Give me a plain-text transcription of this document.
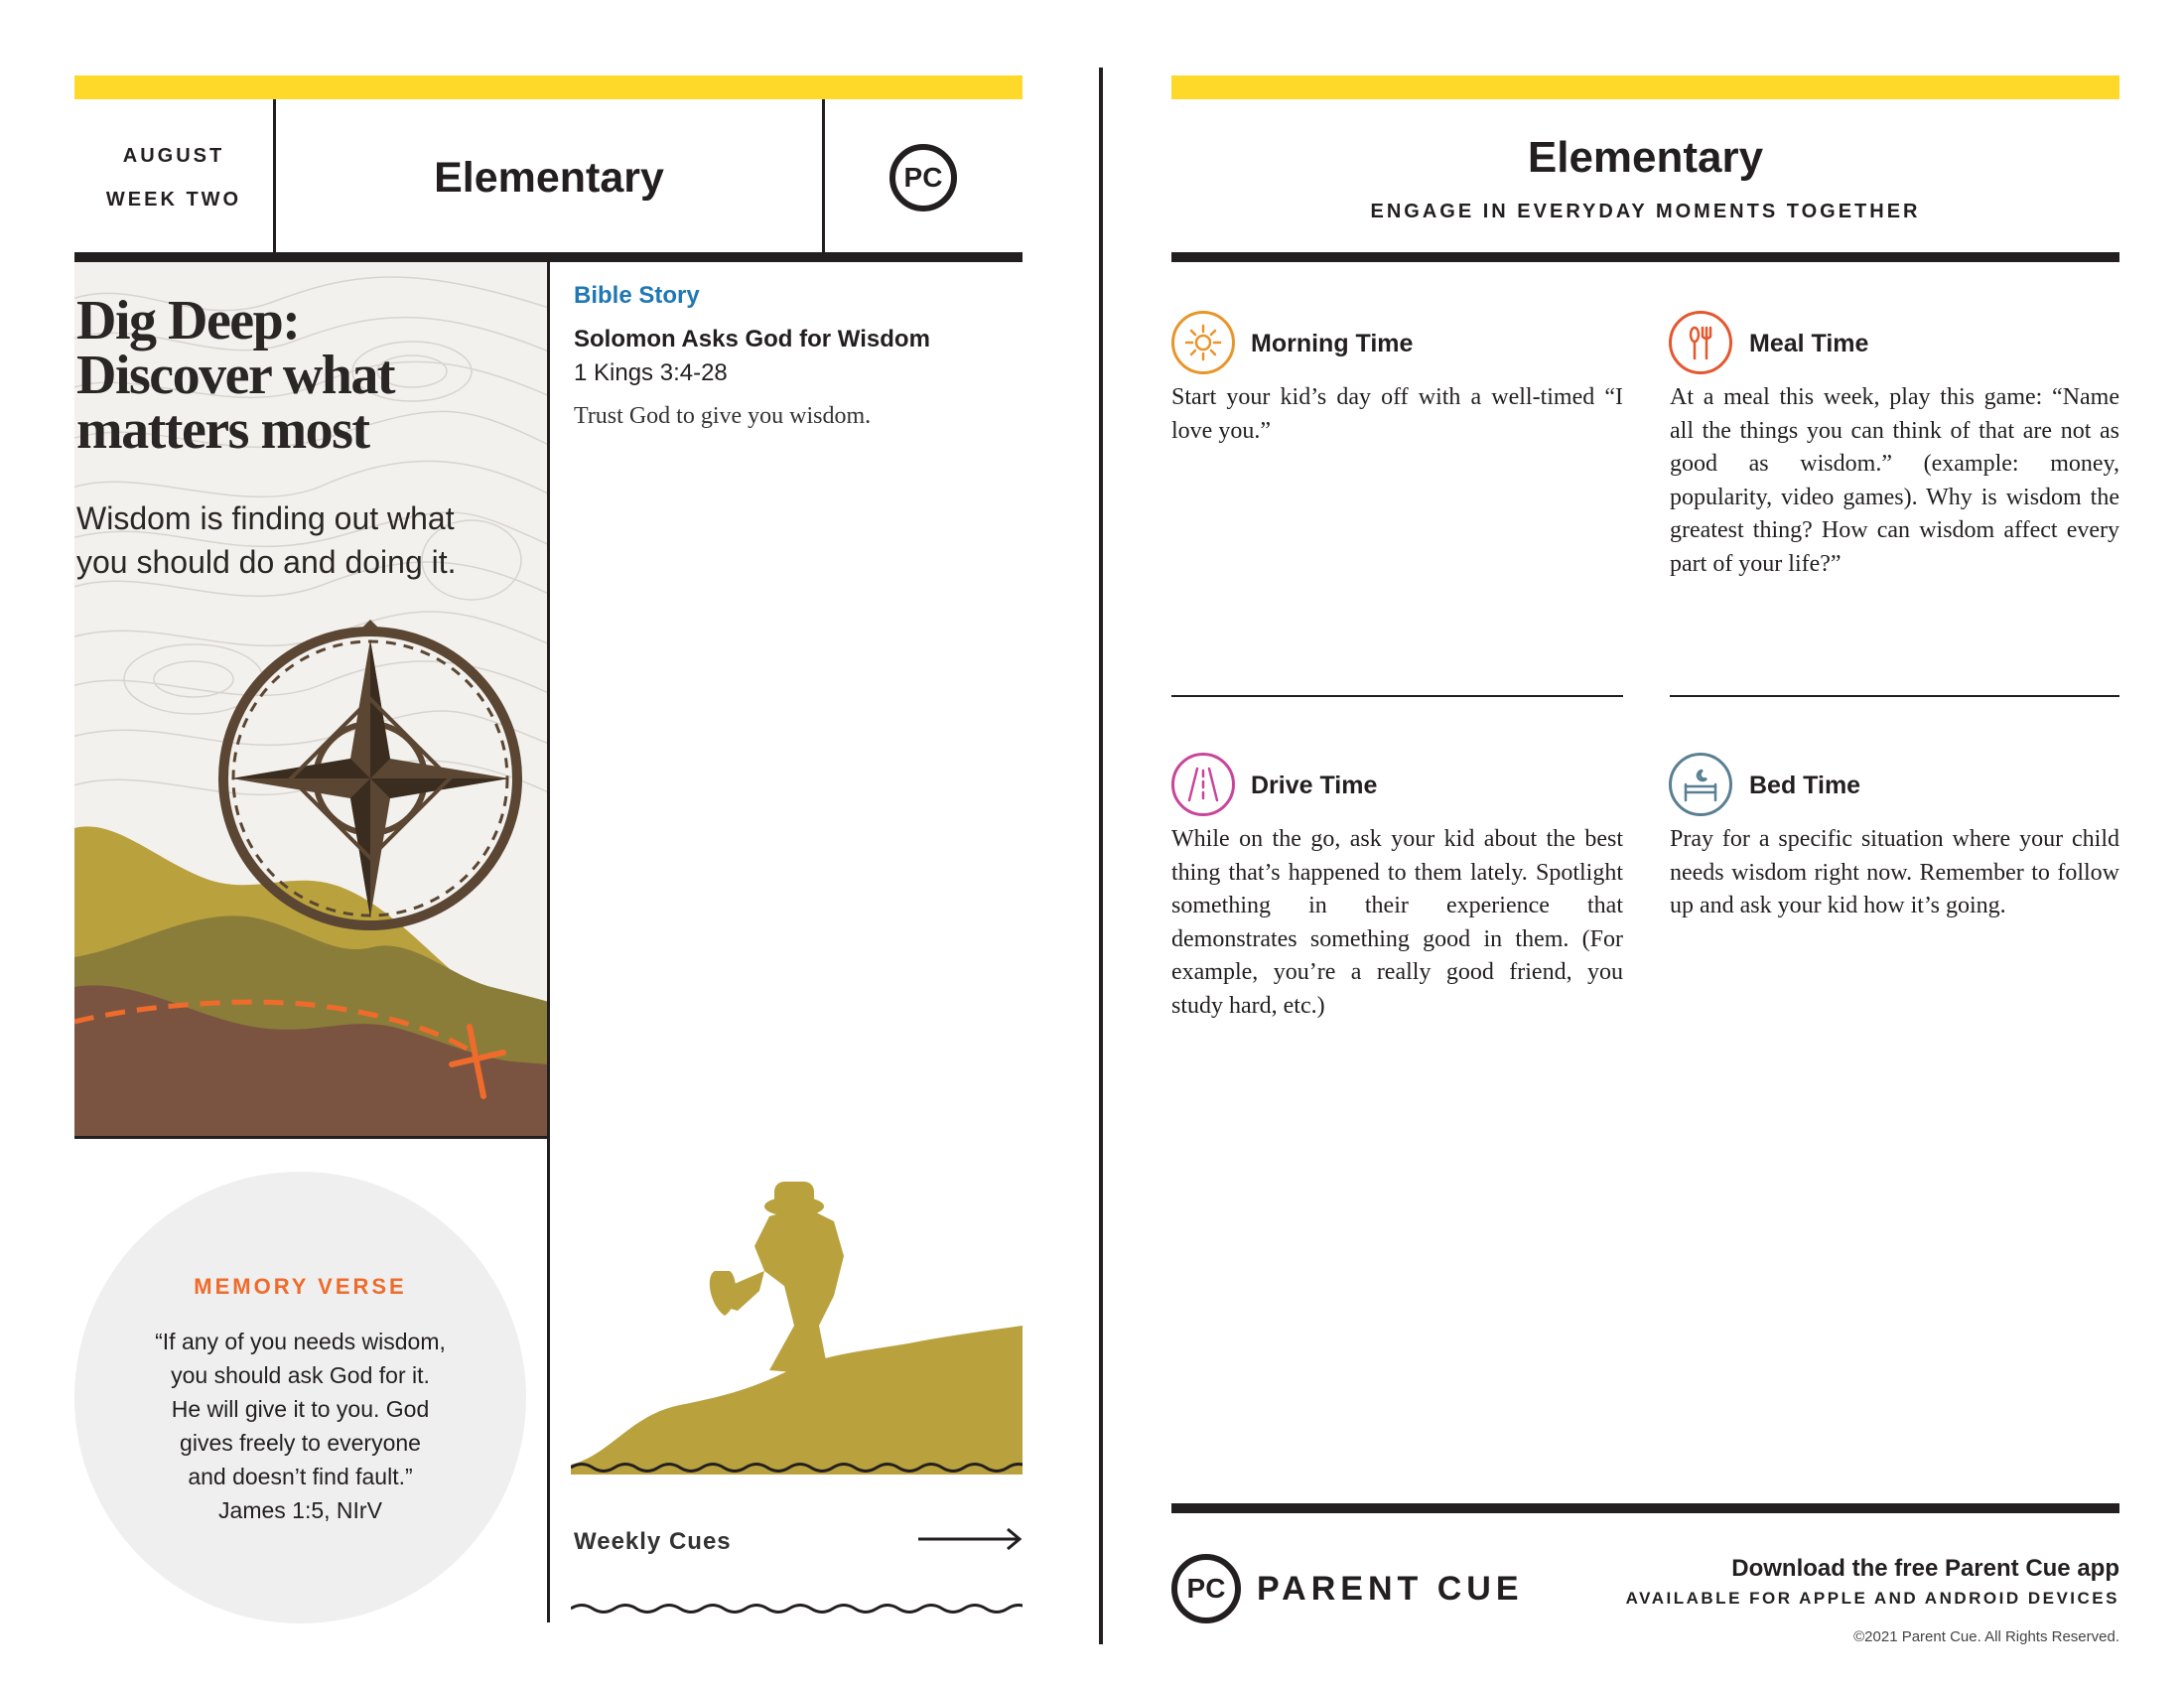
AUGUST
WEEK TWO	Elementary	PC
Dig Deep:
Discover what
matters most
Wisdom is finding out what
you should do and doing it.
Bible Story
Solomon Asks God for Wisdom
1 Kings 3:4-28
Trust God to give you wisdom.
Weekly Cues
MEMORY VERSE
“If any of you needs wisdom,
you should ask God for it.
He will give it to you. God
gives freely to everyone
and doesn’t find fault.”
James 1:5, NIrV
Elementary
ENGAGE IN EVERYDAY MOMENTS TOGETHER
Morning Time
Start your kid’s day off with a well-timed “I love you.”
Meal Time
At a meal this week, play this game: “Name all the things you can think of that are not as good as wisdom.” (example: money, popularity, video games). Why is wisdom the greatest thing? How can wisdom affect every part of your life?”
Drive Time
While on the go, ask your kid about the best thing that’s happened to them lately. Spotlight something in their experience that demonstrates something good in them. (For example, you’re a really good friend, you study hard, etc.)
Bed Time
Pray for a specific situation where your child needs wisdom right now. Remember to follow up and ask your kid how it’s going.
PC PARENT CUE
Download the free Parent Cue app
AVAILABLE FOR APPLE AND ANDROID DEVICES
©2021 Parent Cue. All Rights Reserved.
